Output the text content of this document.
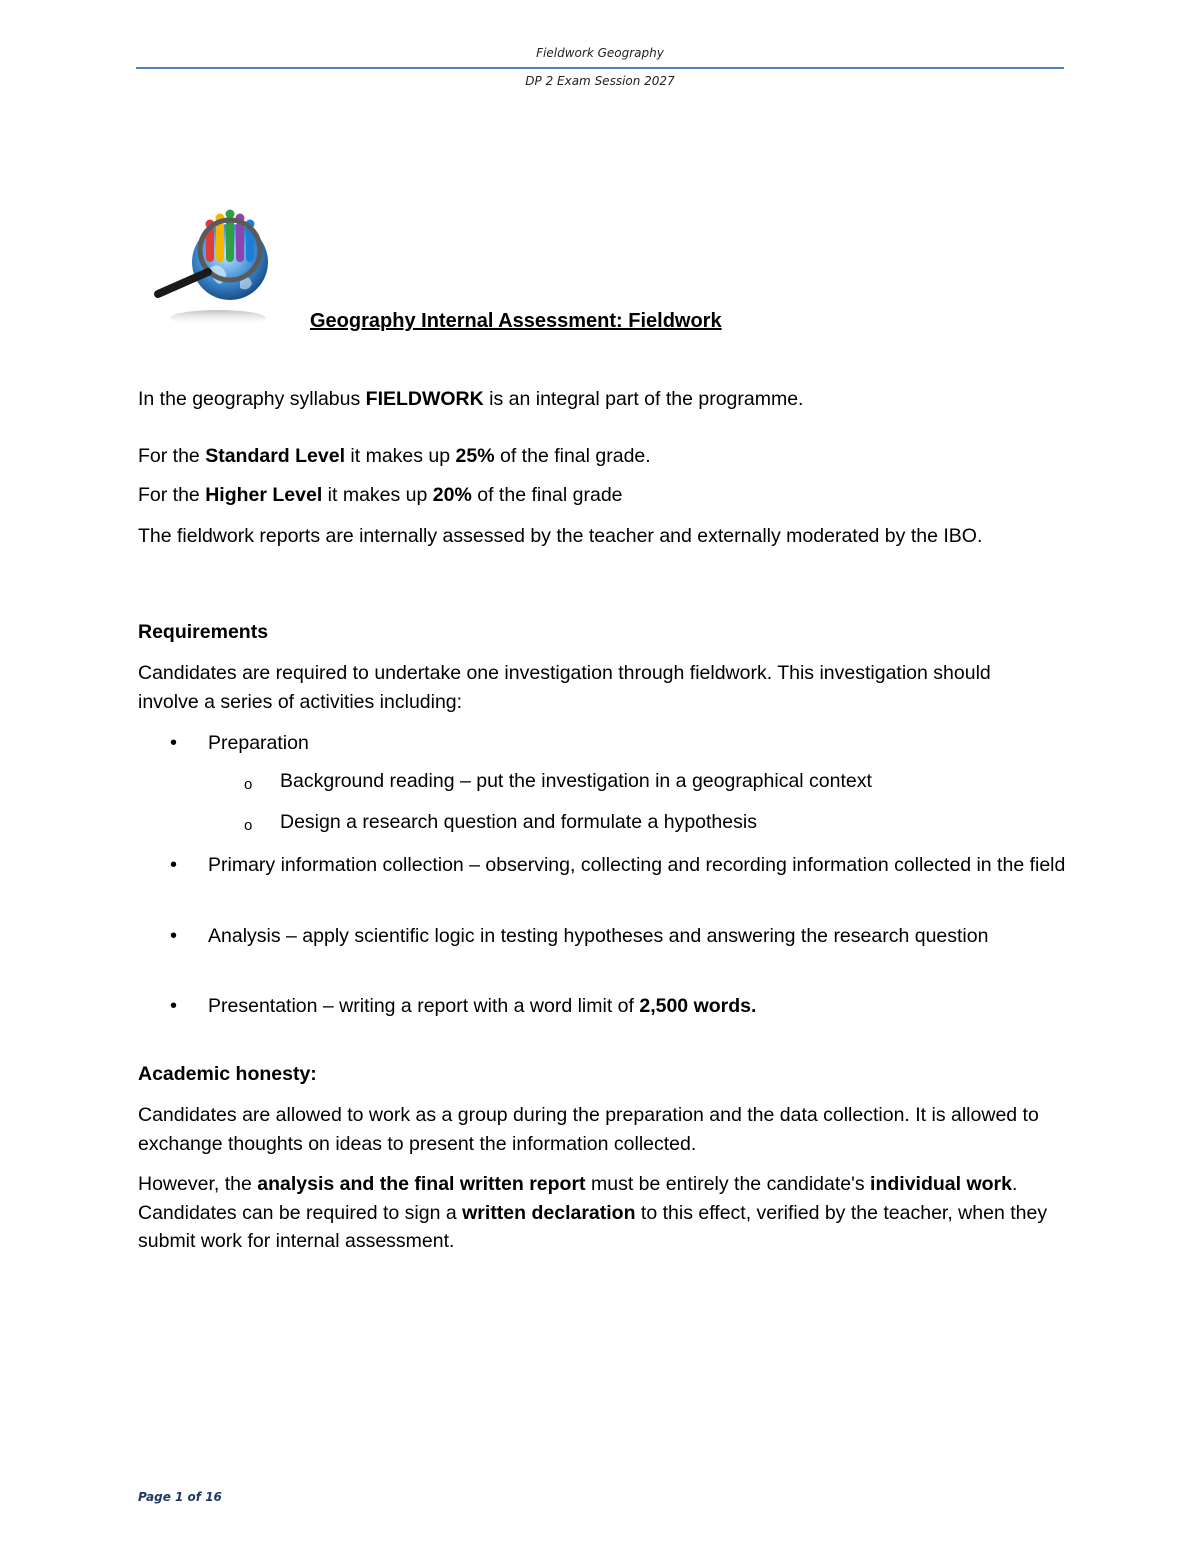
Fieldwork Geography
DP 2 Exam Session 2027
Geography Internal Assessment: Fieldwork
In the geography syllabus FIELDWORK is an integral part of the programme.
For the Standard Level it makes up 25% of the final grade.
For the Higher Level it makes up 20% of the final grade
The fieldwork reports are internally assessed by the teacher and externally moderated by the IBO.
Requirements
Candidates are required to undertake one investigation through fieldwork. This investigation should involve a series of activities including:
• Preparation
o Background reading – put the investigation in a geographical context
o Design a research question and formulate a hypothesis
• Primary information collection – observing, collecting and recording information collected in the field
• Analysis – apply scientific logic in testing hypotheses and answering the research question
• Presentation – writing a report with a word limit of 2,500 words.
Academic honesty:
Candidates are allowed to work as a group during the preparation and the data collection. It is allowed to exchange thoughts on ideas to present the information collected.
However, the analysis and the final written report must be entirely the candidate's individual work. Candidates can be required to sign a written declaration to this effect, verified by the teacher, when they submit work for internal assessment.
Page 1 of 16
